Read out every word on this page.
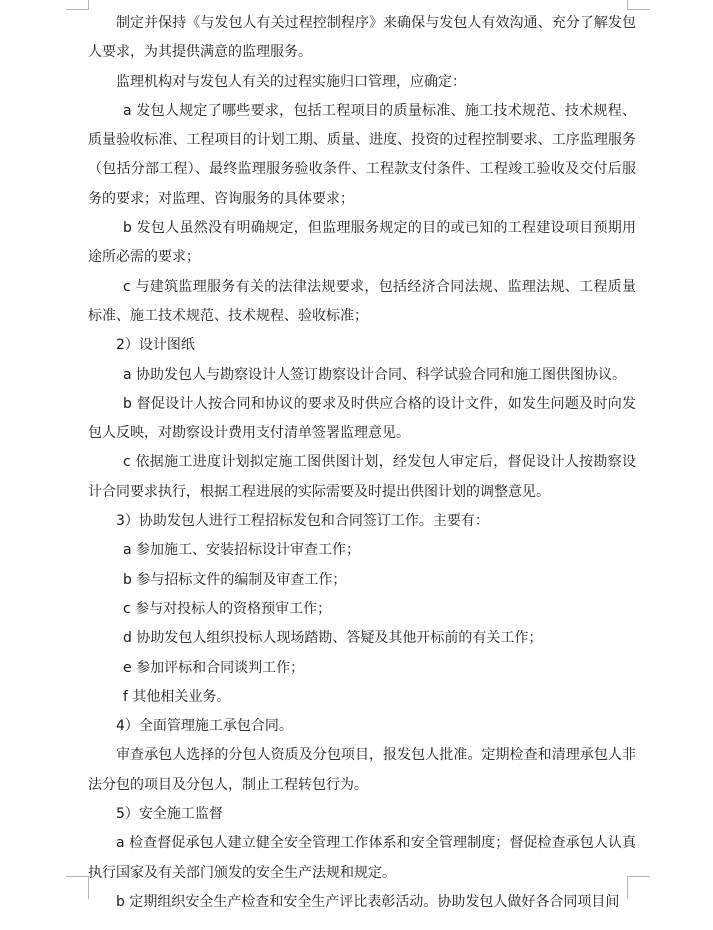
制定并保持《与发包人有关过程控制程序》来确保与发包人有效沟通、充分了解发包人要求，为其提供满意的监理服务。

监理机构对与发包人有关的过程实施归口管理，应确定：

a 发包人规定了哪些要求，包括工程项目的质量标准、施工技术规范、技术规程、质量验收标准、工程项目的计划工期、质量、进度、投资的过程控制要求、工序监理服务（包括分部工程）、最终监理服务验收条件、工程款支付条件、工程竣工验收及交付后服务的要求；对监理、咨询服务的具体要求；

b 发包人虽然没有明确规定，但监理服务规定的目的或已知的工程建设项目预期用途所必需的要求；

c 与建筑监理服务有关的法律法规要求，包括经济合同法规、监理法规、工程质量标准、施工技术规范、技术规程、验收标准；

2）设计图纸

a 协助发包人与勘察设计人签订勘察设计合同、科学试验合同和施工图供图协议。

b 督促设计人按合同和协议的要求及时供应合格的设计文件，如发生问题及时向发包人反映，对勘察设计费用支付清单签署监理意见。

c 依据施工进度计划拟定施工图供图计划，经发包人审定后，督促设计人按勘察设计合同要求执行，根据工程进展的实际需要及时提出供图计划的调整意见。

3）协助发包人进行工程招标发包和合同签订工作。主要有：

a 参加施工、安装招标设计审查工作；

b 参与招标文件的编制及审查工作；

c 参与对投标人的资格预审工作；

d 协助发包人组织投标人现场踏勘、答疑及其他开标前的有关工作；

e 参加评标和合同谈判工作；

f 其他相关业务。

4）全面管理施工承包合同。

审查承包人选择的分包人资质及分包项目，报发包人批准。定期检查和清理承包人非法分包的项目及分包人，制止工程转包行为。

5）安全施工监督

a 检查督促承包人建立健全安全管理工作体系和安全管理制度；督促检查承包人认真执行国家及有关部门颁发的安全生产法规和规定。

b 定期组织安全生产检查和安全生产评比表彰活动。协助发包人做好各合同项目间
